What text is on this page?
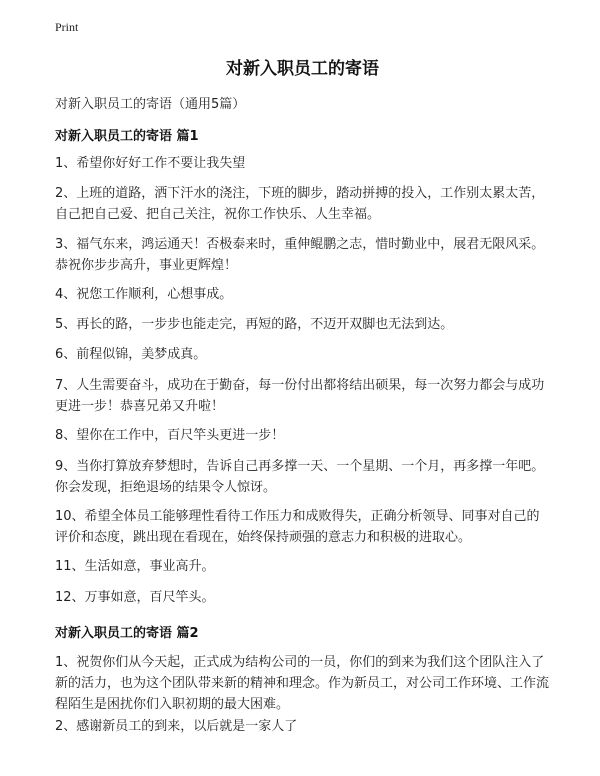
Print
对新入职员工的寄语
对新入职员工的寄语（通用5篇）
对新入职员工的寄语 篇1
1、希望你好好工作不要让我失望
2、上班的道路，洒下汗水的浇注，下班的脚步，踏动拼搏的投入，工作别太累太苦，自己把自己爱、把自己关注，祝你工作快乐、人生幸福。
3、福气东来，鸿运通天！否极泰来时，重伸鲲鹏之志，惜时勤业中，展君无限风采。恭祝你步步高升，事业更辉煌！
4、祝您工作顺利，心想事成。
5、再长的路，一步步也能走完，再短的路，不迈开双脚也无法到达。
6、前程似锦，美梦成真。
7、人生需要奋斗，成功在于勤奋，每一份付出都将结出硕果，每一次努力都会与成功更进一步！恭喜兄弟又升啦！
8、望你在工作中，百尺竿头更进一步！
9、当你打算放弃梦想时，告诉自己再多撑一天、一个星期、一个月，再多撑一年吧。你会发现，拒绝退场的结果令人惊讶。
10、希望全体员工能够理性看待工作压力和成败得失，正确分析领导、同事对自己的评价和态度，跳出现在看现在，始终保持顽强的意志力和积极的进取心。
11、生活如意，事业高升。
12、万事如意，百尺竿头。
对新入职员工的寄语 篇2
1、祝贺你们从今天起，正式成为结构公司的一员，你们的到来为我们这个团队注入了新的活力，也为这个团队带来新的精神和理念。作为新员工，对公司工作环境、工作流程陌生是困扰你们入职初期的最大困难。
2、感谢新员工的到来，以后就是一家人了
